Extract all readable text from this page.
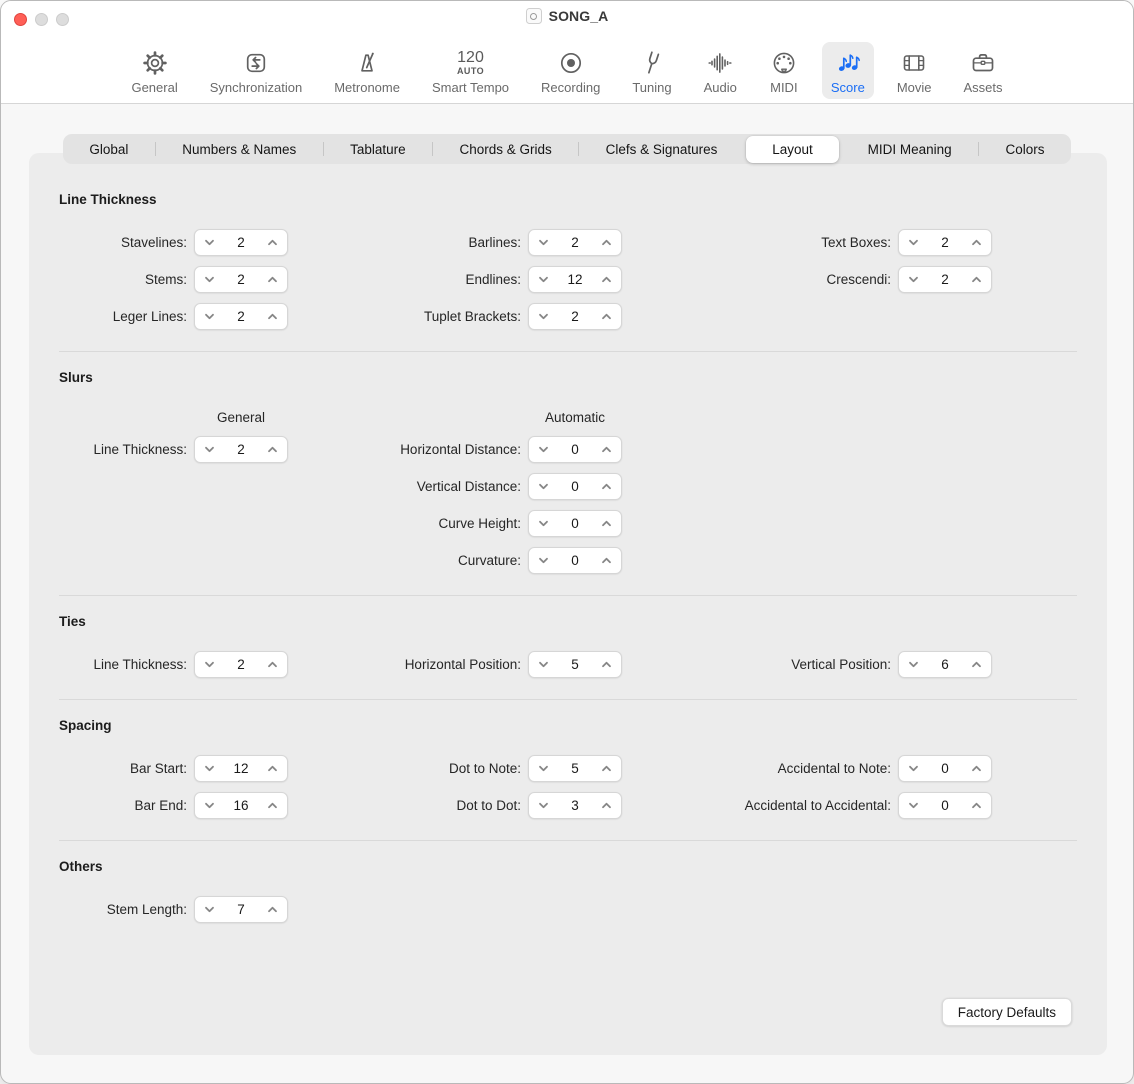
SONG_A
General Synchronization Metronome
120
AUTO
Smart Tempo Recording Tuning Audio	MIDI	Score Movie Assets
Global	Numbers & Names	Tablature	Chords & Grids	Clefs & Signatures	Layout	MIDI Meaning	Colors
Factory Defaults
Line Thickness
Stavelines:	2	Barlines:	2	Text Boxes:	2
Stems:	2	Endlines:	12	Crescendi:	2
Leger Lines:	2	Tuplet Brackets:	2
Slurs
General	Automatic
Line Thickness:	2	Horizontal Distance:	0
Vertical Distance:	0
Curve Height:	0
Curvature:	0
Ties
Line Thickness:	2	Horizontal Position:	5	Vertical Position:	6
Spacing
Bar Start:	12	Dot to Note:	5	Accidental to Note:	0
Bar End:	16	Dot to Dot:	3	Accidental to Accidental:	0
Others
Stem Length:	7
